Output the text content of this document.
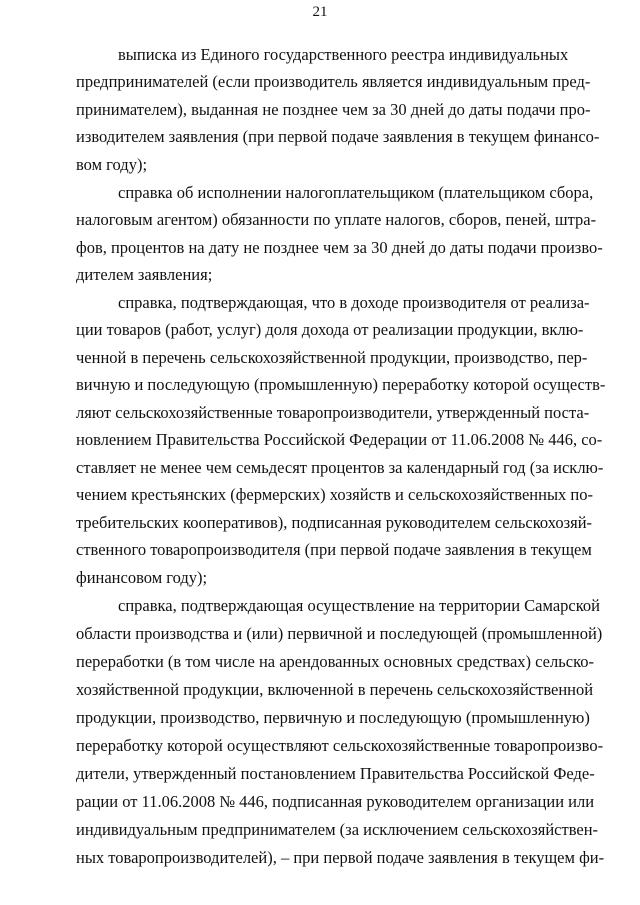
21
выписка из Единого государственного реестра индивидуальных
предпринимателей (если производитель является индивидуальным пред-
принимателем), выданная не позднее чем за 30 дней до даты подачи про-
изводителем заявления (при первой подаче заявления в текущем финансо-
вом году);
справка об исполнении налогоплательщиком (плательщиком сбора,
налоговым агентом) обязанности по уплате налогов, сборов, пеней, штра-
фов, процентов на дату не позднее чем за 30 дней до даты подачи произво-
дителем заявления;
справка, подтверждающая, что в доходе производителя от реализа-
ции товаров (работ, услуг) доля дохода от реализации продукции, вклю-
ченной в перечень сельскохозяйственной продукции, производство, пер-
вичную и последующую (промышленную) переработку которой осуществ-
ляют сельскохозяйственные товаропроизводители, утвержденный поста-
новлением Правительства Российской Федерации от 11.06.2008 № 446, со-
ставляет не менее чем семьдесят процентов за календарный год (за исклю-
чением крестьянских (фермерских) хозяйств и сельскохозяйственных по-
требительских кооперативов), подписанная руководителем сельскохозяй-
ственного товаропроизводителя (при первой подаче заявления в текущем
финансовом году);
справка, подтверждающая осуществление на территории Самарской
области производства и (или) первичной и последующей (промышленной)
переработки (в том числе на арендованных основных средствах) сельско-
хозяйственной продукции, включенной в перечень сельскохозяйственной
продукции, производство, первичную и последующую (промышленную)
переработку которой осуществляют сельскохозяйственные товаропроизво-
дители, утвержденный постановлением Правительства Российской Феде-
рации от 11.06.2008 № 446, подписанная руководителем организации или
индивидуальным предпринимателем (за исключением сельскохозяйствен-
ных товаропроизводителей), – при первой подаче заявления в текущем фи-
